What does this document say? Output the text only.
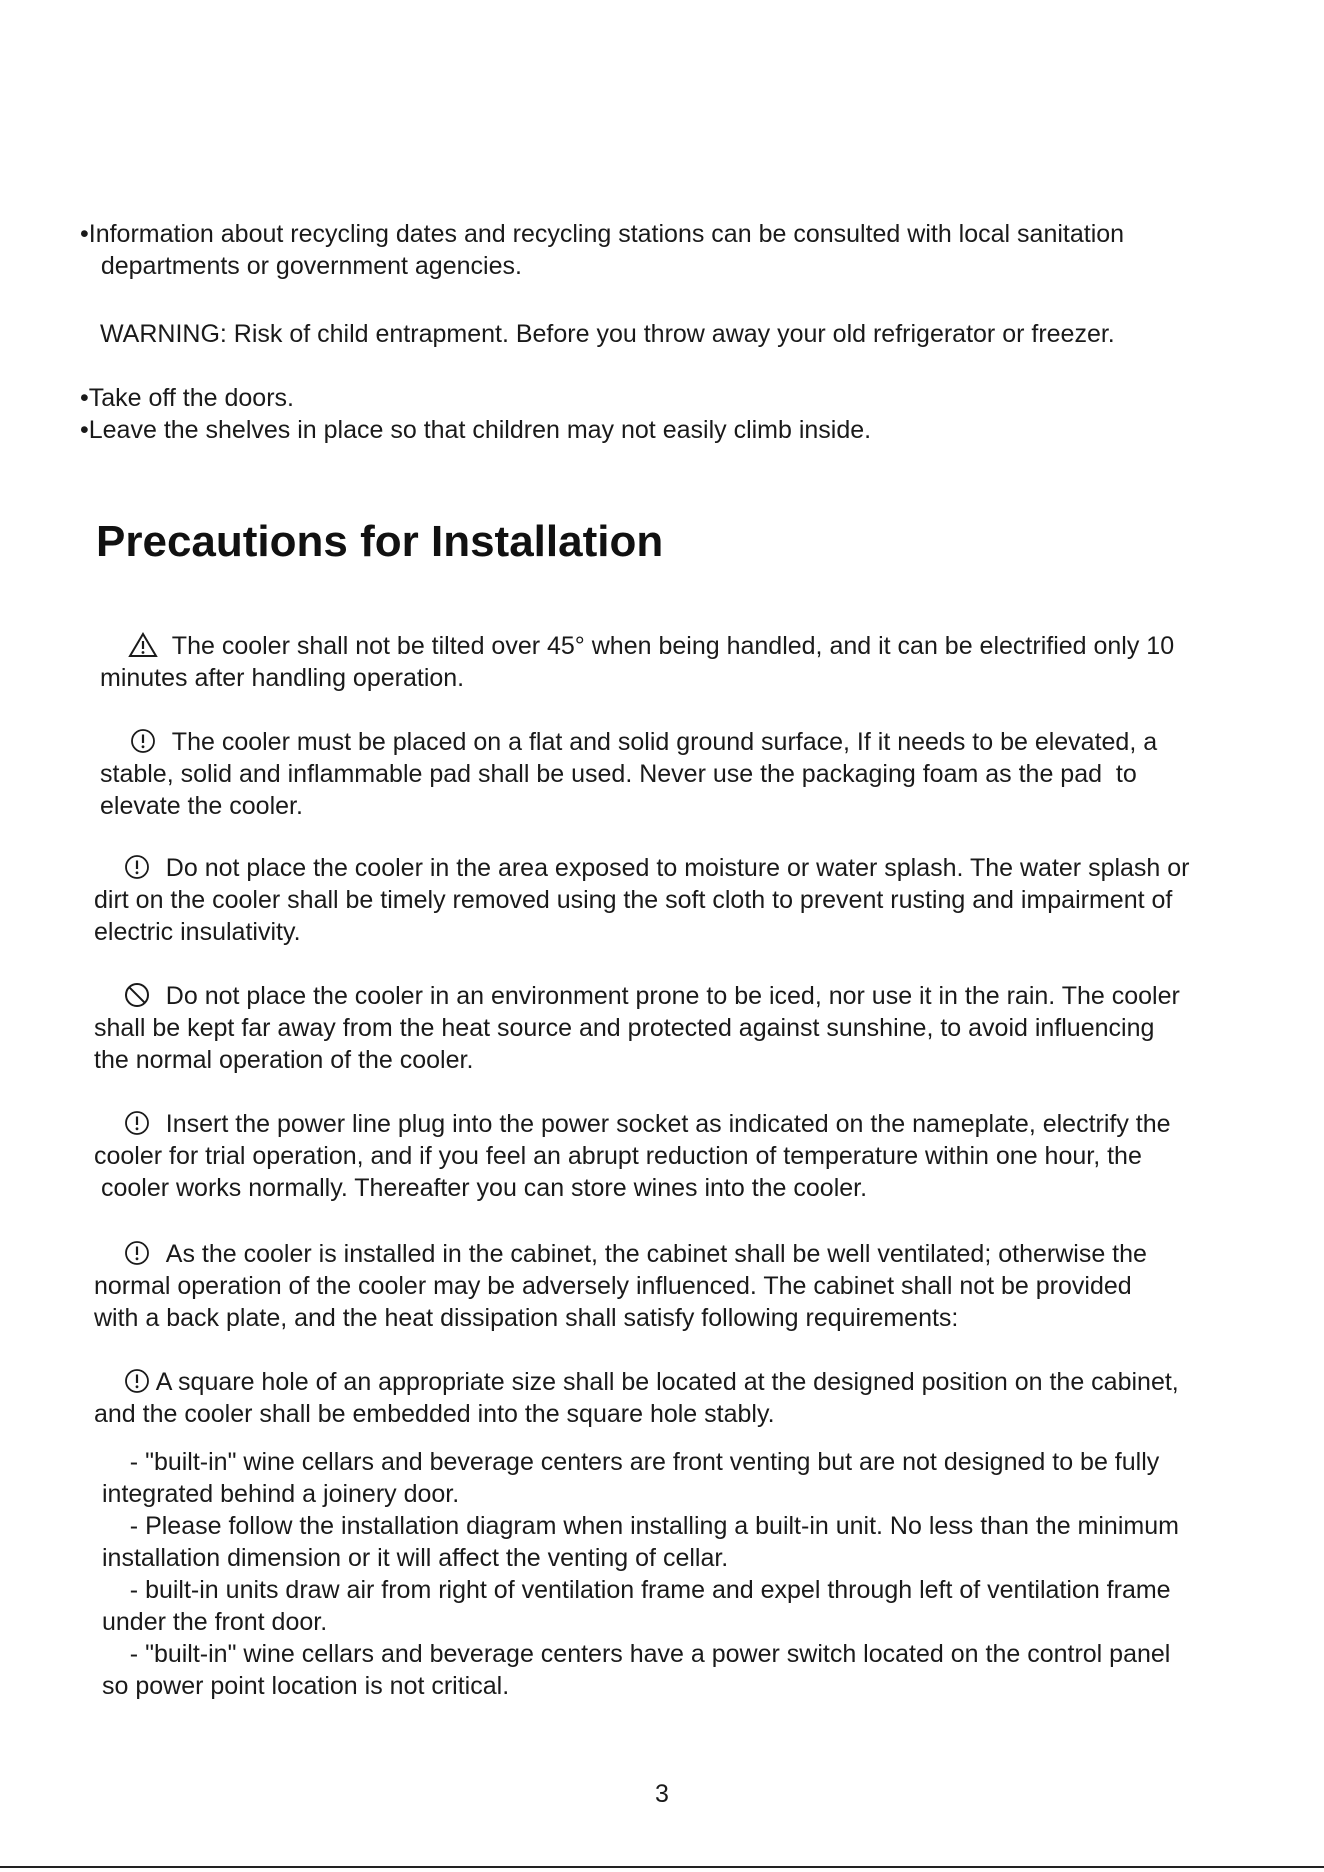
•Information about recycling dates and recycling stations can be consulted with local sanitation
departments or government agencies.

WARNING: Risk of child entrapment. Before you throw away your old refrigerator or freezer.

•Take off the doors.

•Leave the shelves in place so that children may not easily climb inside.

Precautions for Installation

The cooler shall not be tilted over 45° when being handled, and it can be electrified only 10
minutes after handling operation.

The cooler must be placed on a flat and solid ground surface, If it needs to be elevated, a
stable, solid and inflammable pad shall be used. Never use the packaging foam as the pad  to
elevate the cooler.

Do not place the cooler in the area exposed to moisture or water splash. The water splash or
dirt on the cooler shall be timely removed using the soft cloth to prevent rusting and impairment of
electric insulativity.

Do not place the cooler in an environment prone to be iced, nor use it in the rain. The cooler
shall be kept far away from the heat source and protected against sunshine, to avoid influencing
the normal operation of the cooler.

Insert the power line plug into the power socket as indicated on the nameplate, electrify the
cooler for trial operation, and if you feel an abrupt reduction of temperature within one hour, the
cooler works normally. Thereafter you can store wines into the cooler.

As the cooler is installed in the cabinet, the cabinet shall be well ventilated; otherwise the
normal operation of the cooler may be adversely influenced. The cabinet shall not be provided
with a back plate, and the heat dissipation shall satisfy following requirements:

A square hole of an appropriate size shall be located at the designed position on the cabinet,
and the cooler shall be embedded into the square hole stably.

- "built-in" wine cellars and beverage centers are front venting but are not designed to be fully
integrated behind a joinery door.
- Please follow the installation diagram when installing a built-in unit. No less than the minimum
installation dimension or it will affect the venting of cellar.
- built-in units draw air from right of ventilation frame and expel through left of ventilation frame
under the front door.
- "built-in" wine cellars and beverage centers have a power switch located on the control panel
so power point location is not critical.

3
